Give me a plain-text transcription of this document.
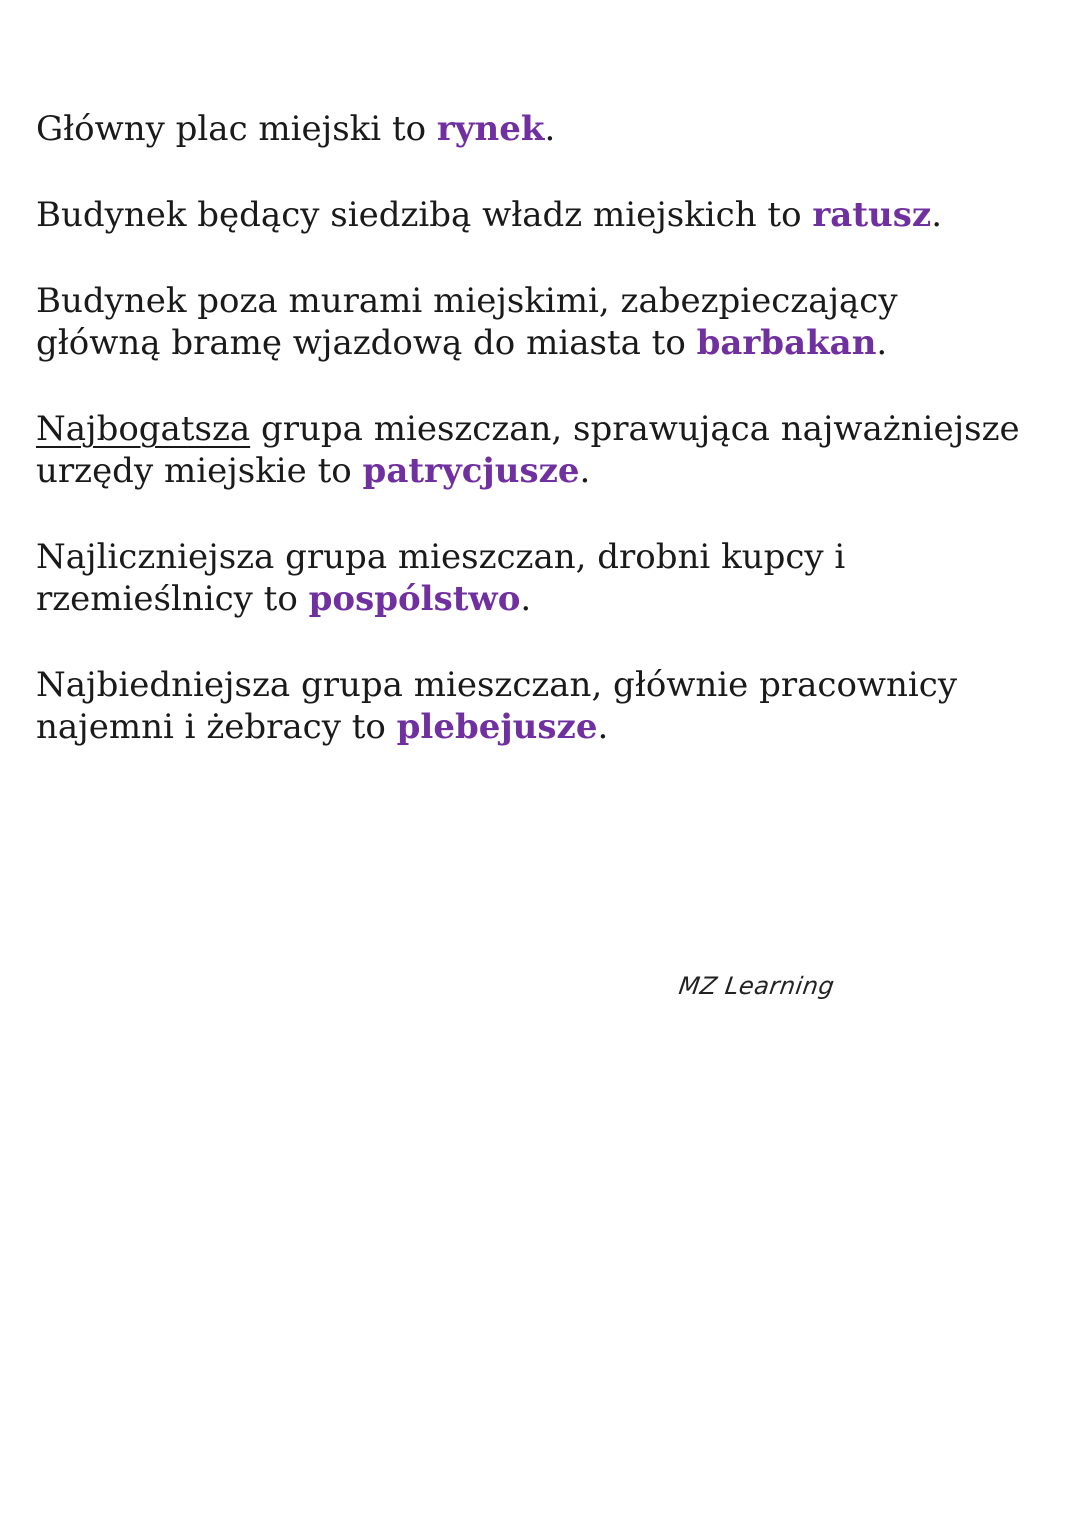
Główny plac miejski to rynek.

Budynek będący siedzibą władz miejskich to ratusz.

Budynek poza murami miejskimi, zabezpieczający
główną bramę wjazdową do miasta to barbakan.

Najbogatsza grupa mieszczan, sprawująca najważniejsze
urzędy miejskie to patrycjusze.

Najliczniejsza grupa mieszczan, drobni kupcy i
rzemieślnicy to pospólstwo.

Najbiedniejsza grupa mieszczan, głównie pracownicy
najemni i żebracy to plebejusze.

MZ Learning
